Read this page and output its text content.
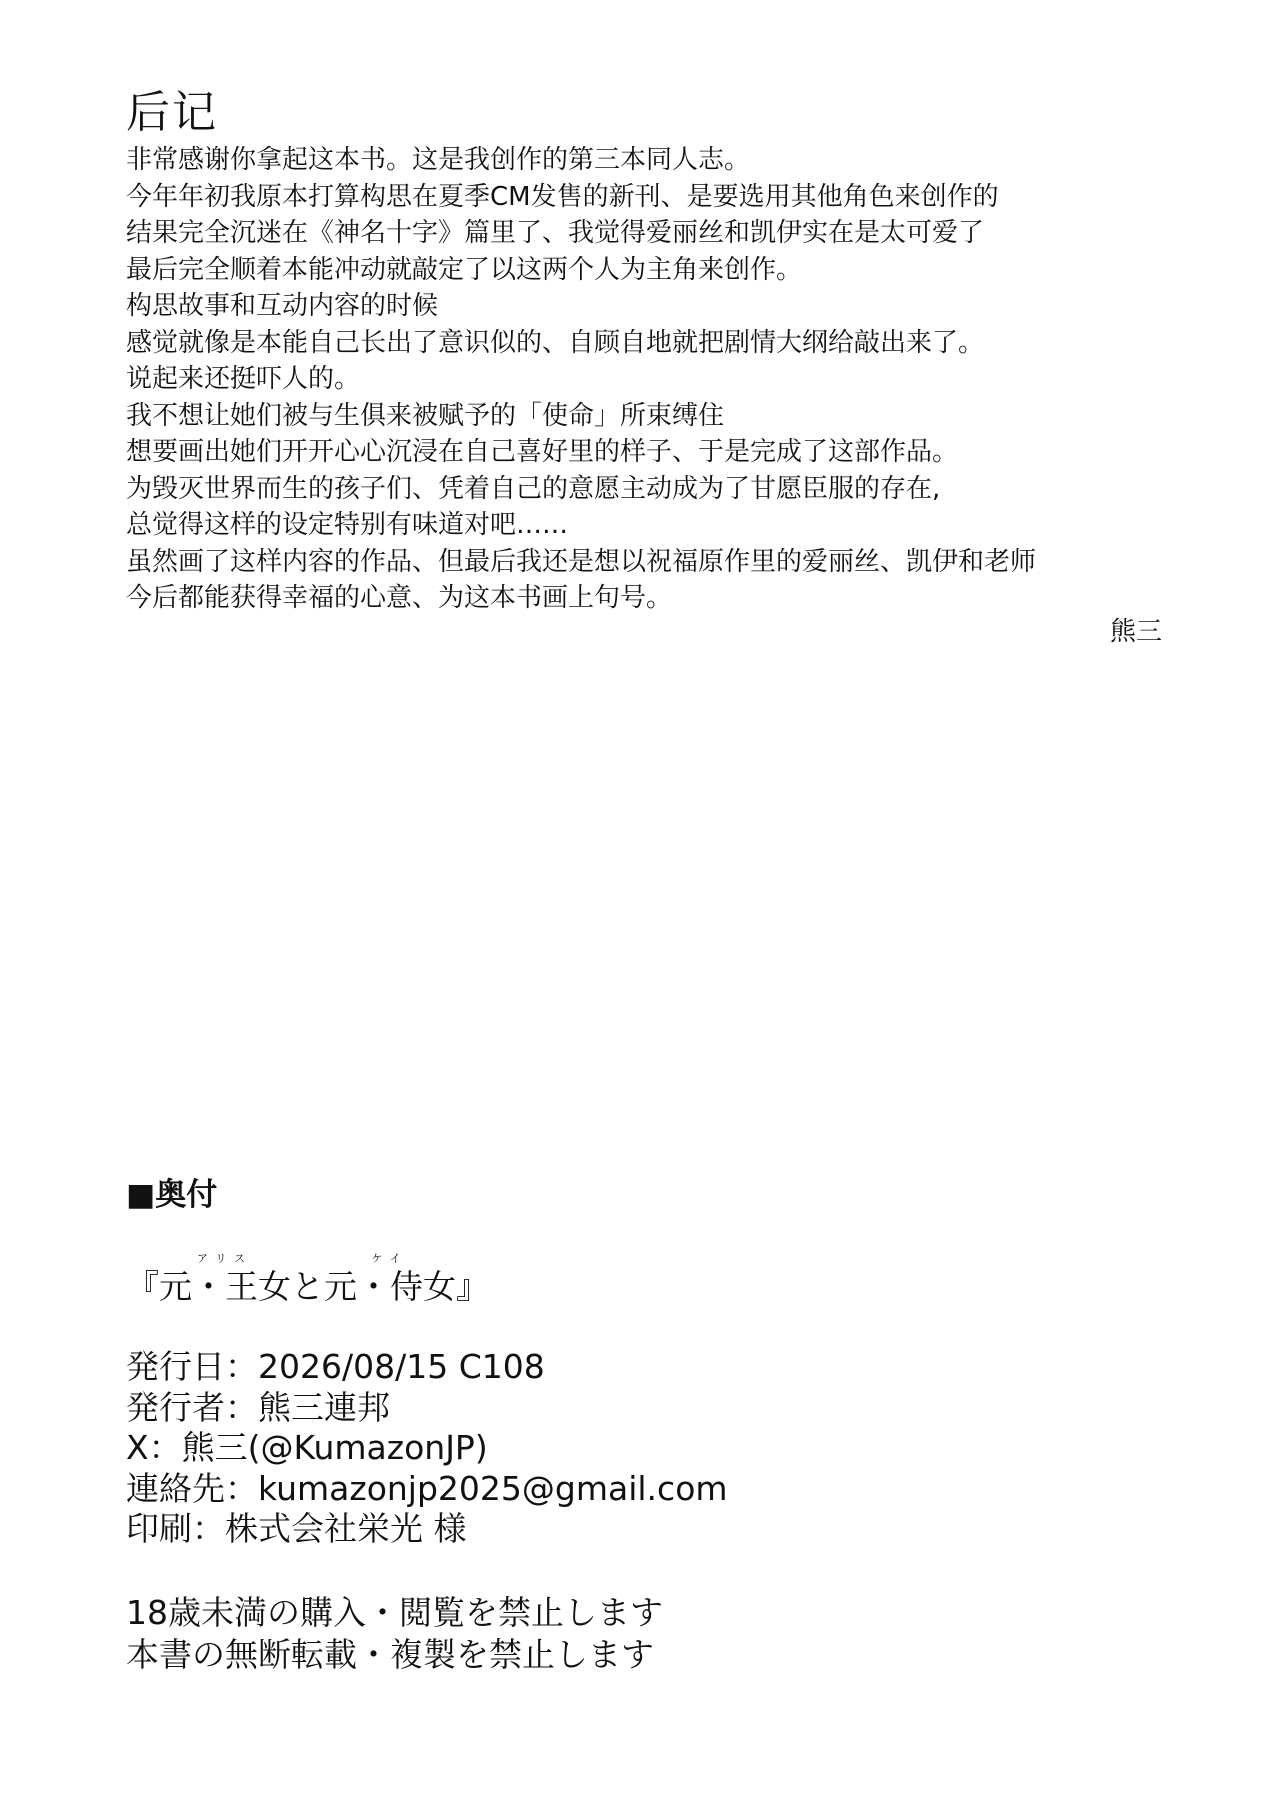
后记
非常感谢你拿起这本书。这是我创作的第三本同人志。
今年年初我原本打算构思在夏季CM发售的新刊、是要选用其他角色来创作的
结果完全沉迷在《神名十字》篇里了、我觉得爱丽丝和凯伊实在是太可爱了
最后完全顺着本能冲动就敲定了以这两个人为主角来创作。
构思故事和互动内容的时候
感觉就像是本能自己长出了意识似的、自顾自地就把剧情大纲给敲出来了。
说起来还挺吓人的。
我不想让她们被与生俱来被赋予的「使命」所束缚住
想要画出她们开开心心沉浸在自己喜好里的样子、于是完成了这部作品。
为毁灭世界而生的孩子们、凭着自己的意愿主动成为了甘愿臣服的存在,
总觉得这样的设定特别有味道对吧……
虽然画了这样内容的作品、但最后我还是想以祝福原作里的爱丽丝、凯伊和老师
今后都能获得幸福的心意、为这本书画上句号。
熊三
■奥付
『
アリス
元・王女と
ケイ
元・侍女』
発行日：2026/08/15 C108
発行者：熊三連邦
X：熊三(@KumazonJP)
連絡先：kumazonjp2025@gmail.com
印刷：株式会社栄光 様
18歳未満の購入・閲覧を禁止します
本書の無断転載・複製を禁止します
